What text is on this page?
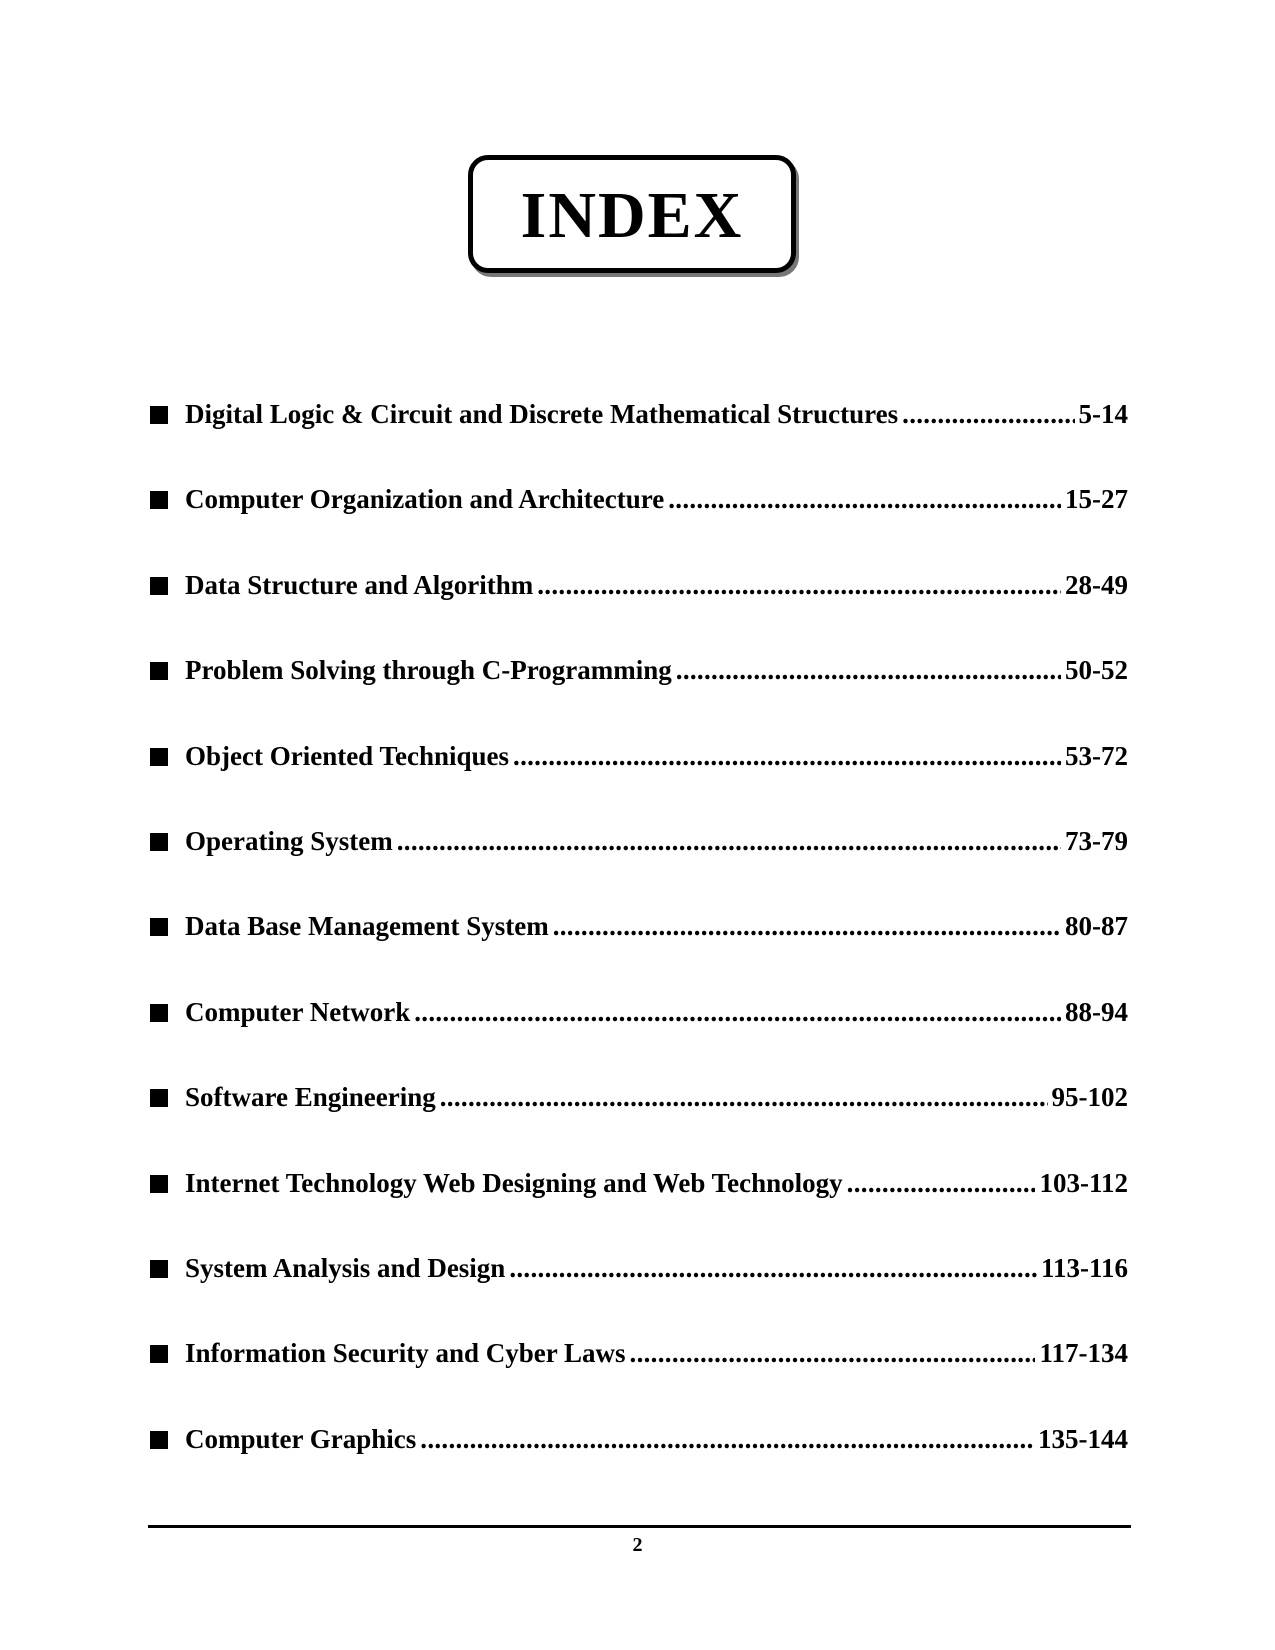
INDEX
Digital Logic & Circuit and Discrete Mathematical Structures .....	5-14
Computer Organization and Architecture .....	15-27
Data Structure and Algorithm .....	28-49
Problem Solving through C-Programming .....	50-52
Object Oriented Techniques .....	53-72
Operating System .....	73-79
Data Base Management System .....	80-87
Computer Network .....	88-94
Software Engineering .....	95-102
Internet Technology Web Designing and Web Technology .....	103-112
System Analysis and Design .....	113-116
Information Security and Cyber Laws .....	117-134
Computer Graphics .....	135-144
2
